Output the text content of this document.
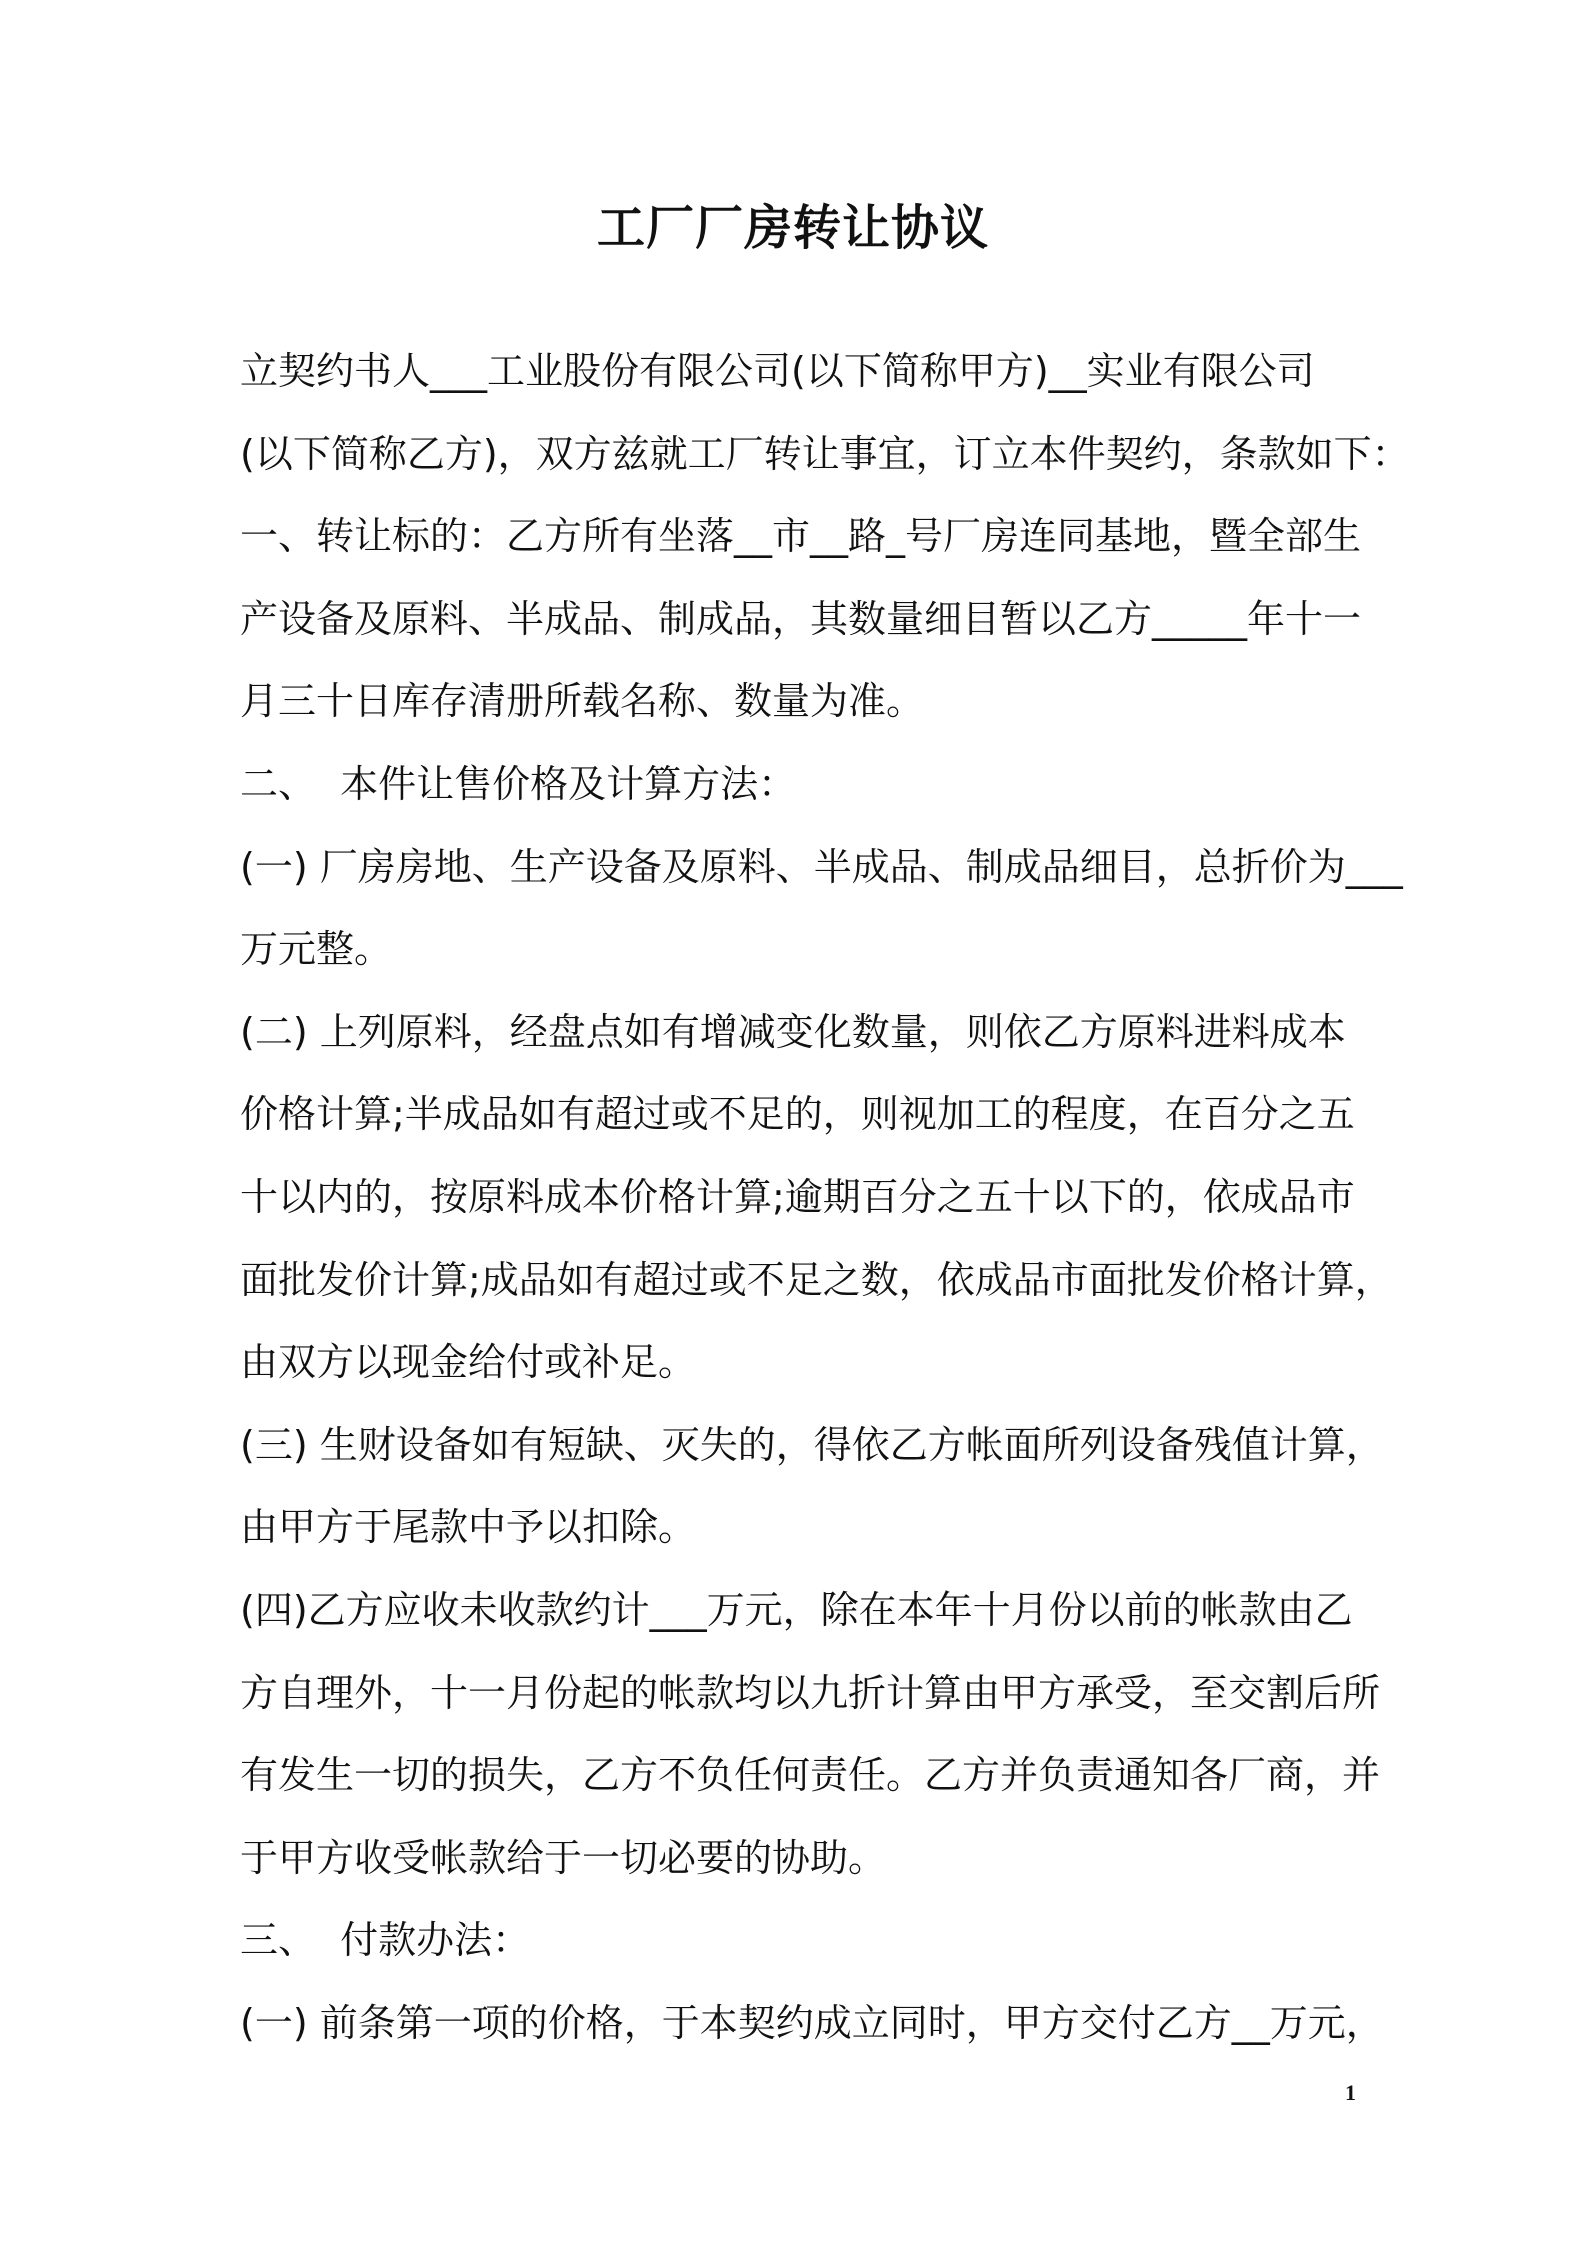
工厂厂房转让协议
立契约书人___工业股份有限公司(以下简称甲方)__实业有限公司
(以下简称乙方)，双方兹就工厂转让事宜，订立本件契约，条款如下：
一、转让标的：乙方所有坐落__市__路_号厂房连同基地，暨全部生
产设备及原料、半成品、制成品，其数量细目暂以乙方_____年十一
月三十日库存清册所载名称、数量为准。
二、  本件让售价格及计算方法：
(一) 厂房房地、生产设备及原料、半成品、制成品细目，总折价为___
万元整。
(二) 上列原料，经盘点如有增减变化数量，则依乙方原料进料成本
价格计算;半成品如有超过或不足的，则视加工的程度，在百分之五
十以内的，按原料成本价格计算;逾期百分之五十以下的，依成品市
面批发价计算;成品如有超过或不足之数，依成品市面批发价格计算，
由双方以现金给付或补足。
(三) 生财设备如有短缺、灭失的，得依乙方帐面所列设备残值计算，
由甲方于尾款中予以扣除。
(四)乙方应收未收款约计___万元，除在本年十月份以前的帐款由乙
方自理外，十一月份起的帐款均以九折计算由甲方承受，至交割后所
有发生一切的损失，乙方不负任何责任。乙方并负责通知各厂商，并
于甲方收受帐款给于一切必要的协助。
三、  付款办法：
(一) 前条第一项的价格，于本契约成立同时，甲方交付乙方__万元，
1
